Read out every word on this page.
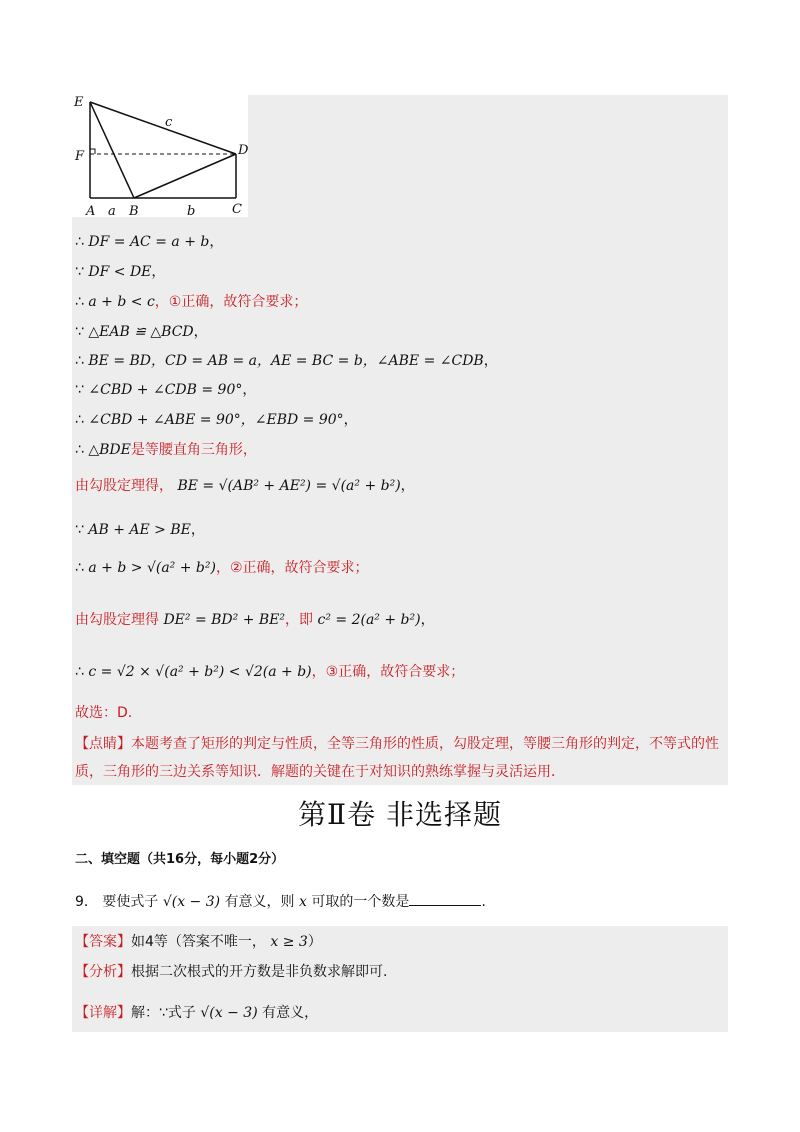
E
F
A a B	b	C
D
c
∴ DF = AC = a + b，
∵ DF < DE，
∴ a + b < c，①正确，故符合要求；
∵ △EAB ≌ △BCD，
∴ BE = BD，CD = AB = a，AE = BC = b，∠ABE = ∠CDB，
∵ ∠CBD + ∠CDB = 90°，
∴ ∠CBD + ∠ABE = 90°，∠EBD = 90°，
∴ △BDE是等腰直角三角形，
由勾股定理得， BE = √(AB² + AE²) = √(a² + b²)，
∵ AB + AE > BE，
∴ a + b > √(a² + b²)，②正确，故符合要求；
由勾股定理得 DE² = BD² + BE²，即 c² = 2(a² + b²)，
∴ c = √2 × √(a² + b²) < √2(a + b)，③正确，故符合要求；
故选：D.
【点睛】本题考查了矩形的判定与性质，全等三角形的性质，勾股定理，等腰三角形的判定，不等式的性质，三角形的三边关系等知识．解题的关键在于对知识的熟练掌握与灵活运用．
第Ⅱ卷 非选择题
二、填空题（共16分，每小题2分）
9． 要使式子 √(x − 3) 有意义，则 x 可取的一个数是	.
【答案】如4等（答案不唯一， x ≥ 3）
【分析】根据二次根式的开方数是非负数求解即可.
【详解】解：∵式子 √(x − 3) 有意义，
